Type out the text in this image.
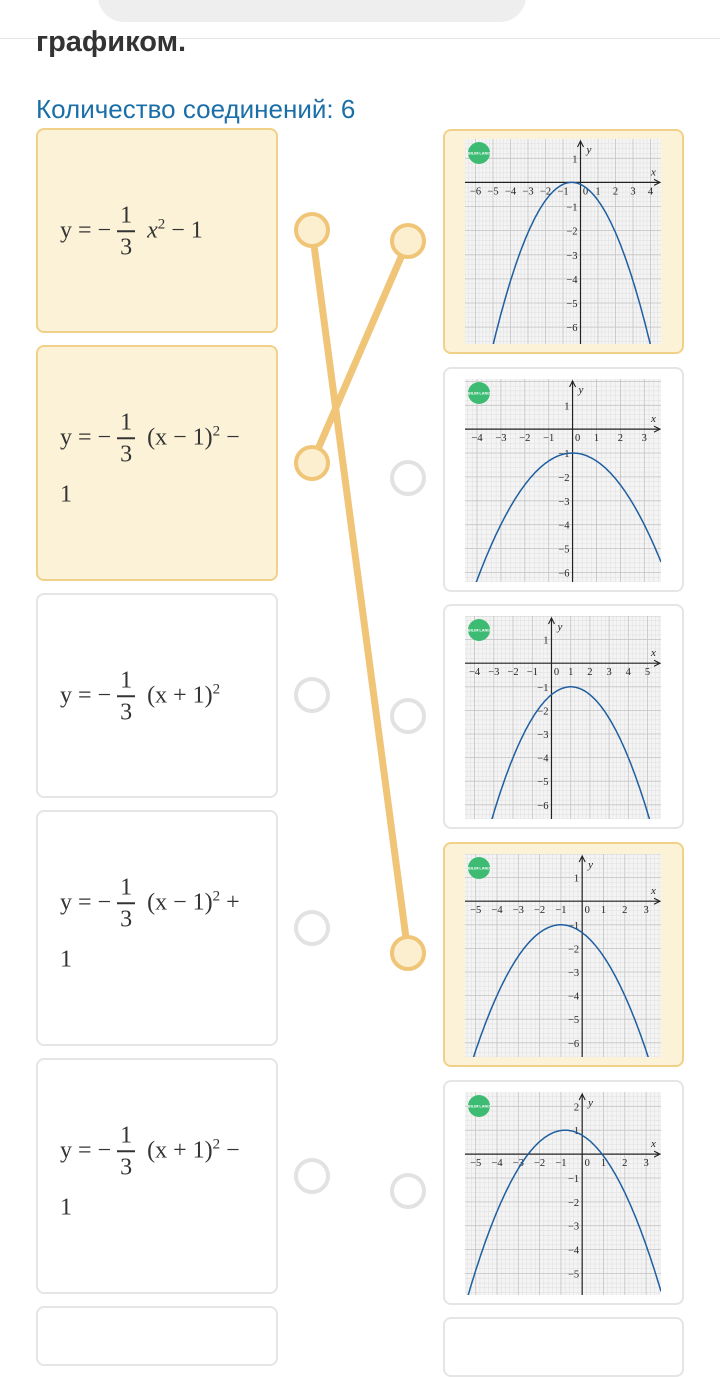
графиком.
Количество соединений: 6
y = − $\frac{1}{3} x^2 - 1$

y = − $\frac{1}{3} (x - 1)^2$ −
1
y = − $\frac{1}{3} (x + 1)^2$
y = − $\frac{1}{3} (x - 1)^2$ +
1
y = − $\frac{1}{3} (x + 1)^2$ −
1
x
y
−6 −5 −4 −3 −2 −1 0 1 2 3 4
1
−1
−2
−3
−4
−5
−6
BILIM LAND
x
y
−4 −3 −2 −1 0 1 2 3
1
−1
−2
−3
−4
−5
−6
BILIM LAND
x
y
−4 −3 −2 −1 0 1 2 3 4 5
1
−1
−2
−3
−4
−5
−6
BILIM LAND
x
y
−5 −4 −3 −2 −1 0 1 2 3
1
−1
−2
−3
−4
−5
−6
BILIM LAND
x
y
−5 −4 −3 −2 −1 0 1 2 3
2
1
−1
−2
−3
−4
−5
BILIM LAND
